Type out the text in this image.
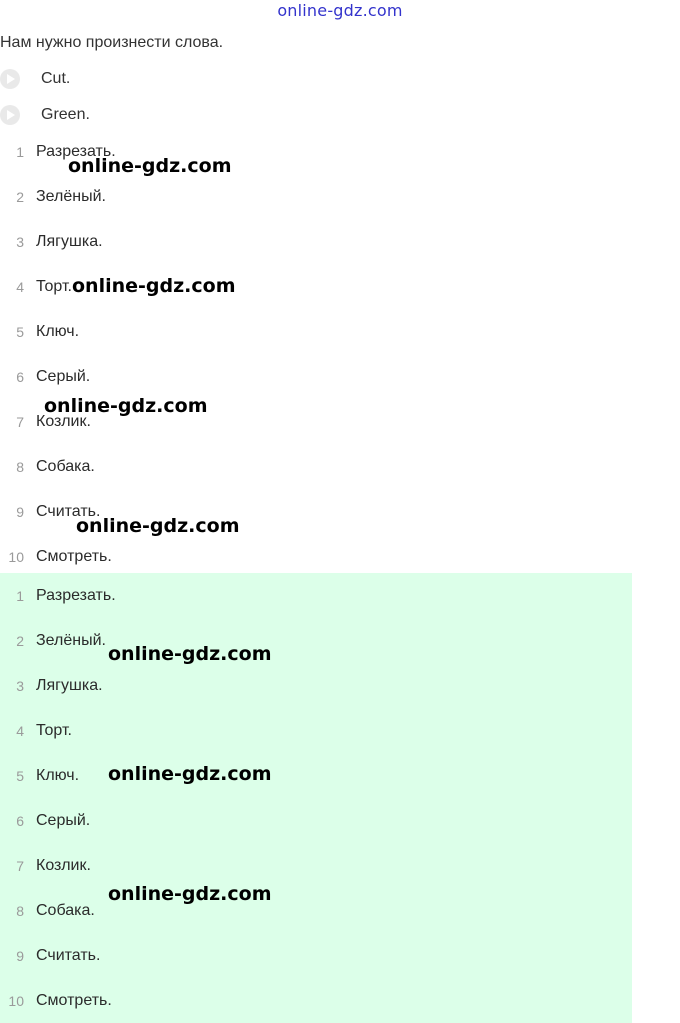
online-gdz.com
Нам нужно произнести слова.
Cut.
Green.
1 Разрезать.
2 Зелёный.
3 Лягушка.
4 Торт.
5 Ключ.
6 Серый.
7 Козлик.
8 Собака.
9 Считать.
10 Смотреть.
1 Разрезать.
2 Зелёный.
3 Лягушка.
4 Торт.
5 Ключ.
6 Серый.
7 Козлик.
8 Собака.
9 Считать.
10 Смотреть.
online-gdz.com
online-gdz.com
online-gdz.com
online-gdz.com
online-gdz.com
online-gdz.com
online-gdz.com
